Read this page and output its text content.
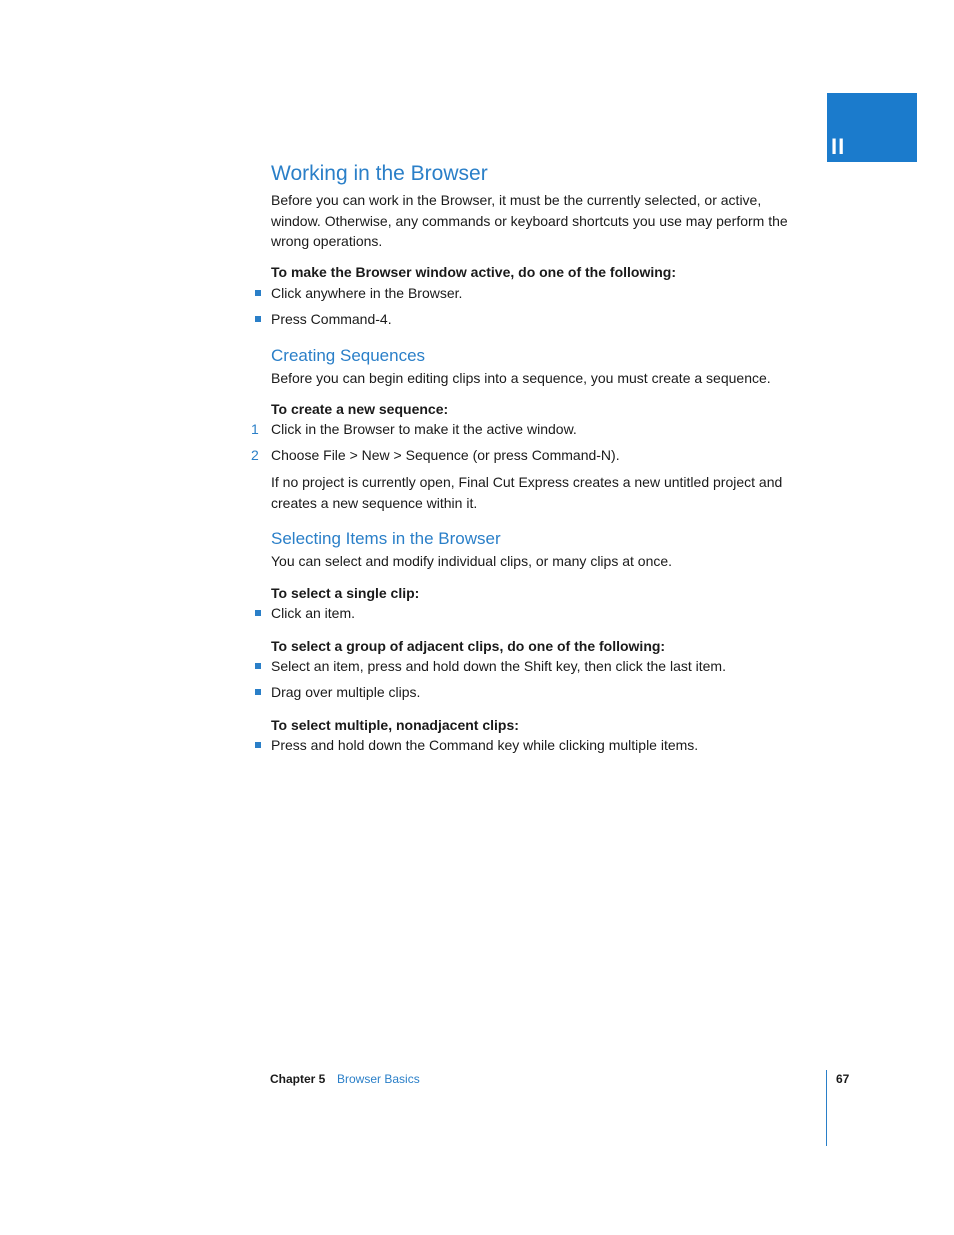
II
Working in the Browser

Before you can work in the Browser, it must be the currently selected, or active, window. Otherwise, any commands or keyboard shortcuts you use may perform the wrong operations.

To make the Browser window active, do one of the following:

Click anywhere in the Browser.
Press Command-4.
Creating Sequences

Before you can begin editing clips into a sequence, you must create a sequence.

To create a new sequence:

1 Click in the Browser to make it the active window.
2 Choose File > New > Sequence (or press Command-N).

If no project is currently open, Final Cut Express creates a new untitled project and creates a new sequence within it.

Selecting Items in the Browser

You can select and modify individual clips, or many clips at once.

To select a single clip:

Click an item.

To select a group of adjacent clips, do one of the following:

Select an item, press and hold down the Shift key, then click the last item.
Drag over multiple clips.

To select multiple, nonadjacent clips:

Press and hold down the Command key while clicking multiple items.
Chapter 5 Browser Basics	67
